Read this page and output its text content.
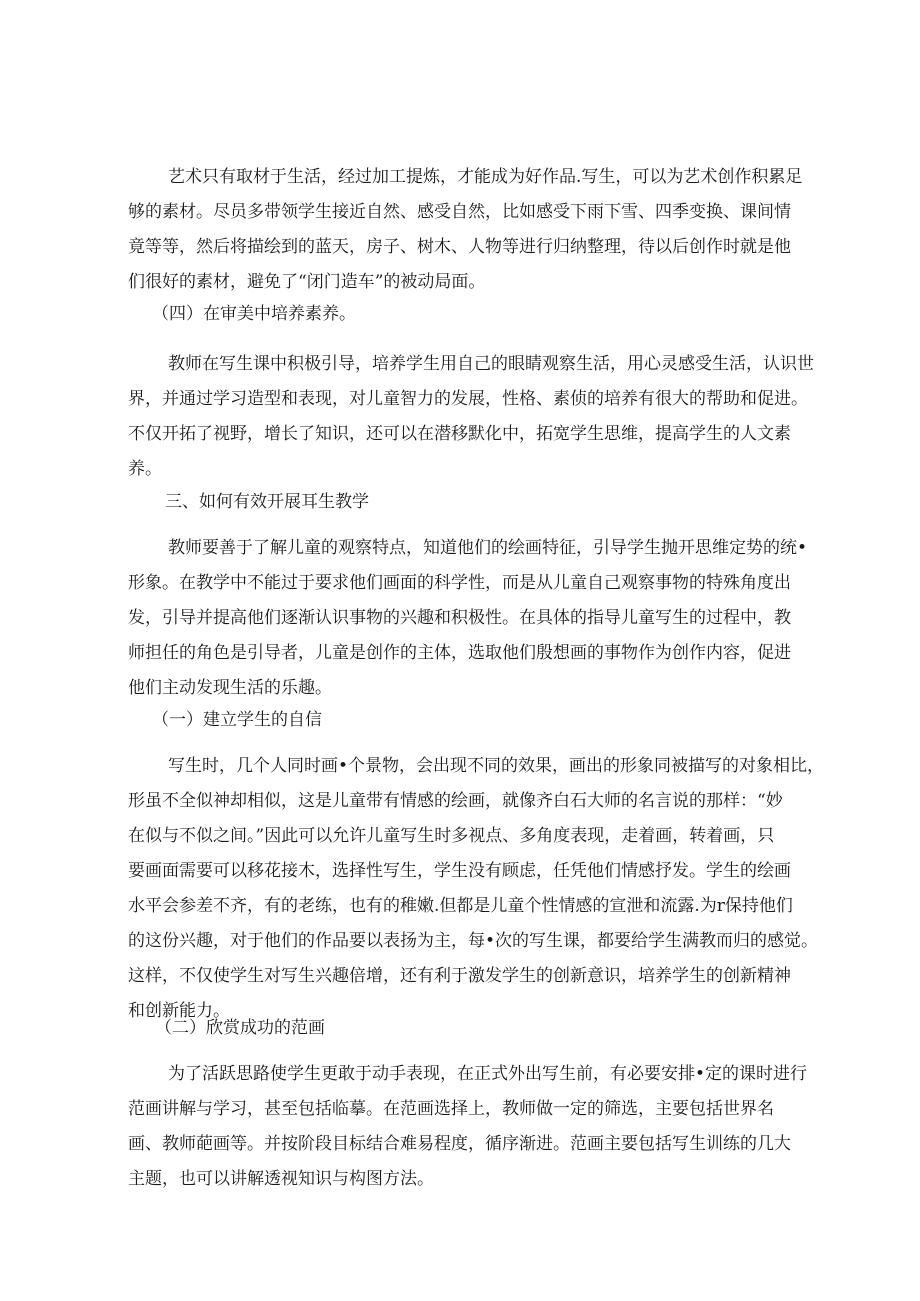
艺术只有取材于生活，经过加工提炼，才能成为好作品.写生，可以为艺术创作积累足
够的素材。尽员多带领学生接近自然、感受自然，比如感受下雨下雪、四季变换、课间情
竟等等，然后将描绘到的蓝天，房子、树木、人物等进行归纳整理，待以后创作时就是他
们很好的素材，避免了“闭门造车”的被动局面。
（四）在审美中培养素养。
教师在写生课中积极引导，培养学生用自己的眼睛观察生活，用心灵感受生活，认识世
界，并通过学习造型和表现，对儿童智力的发展，性格、素侦的培养有很大的帮助和促进。
不仅开拓了视野，增长了知识，还可以在潜移默化中，拓宽学生思维，提高学生的人文素
养。
三、如何有效开展耳生教学
教师要善于了解儿童的观察特点，知道他们的绘画特征，引导学生抛开思维定势的统•
形象。在教学中不能过于要求他们画面的科学性，而是从儿童自己观察事物的特殊角度出
发，引导并提高他们逐渐认识事物的兴趣和积极性。在具体的指导儿童写生的过程中，教
师担任的角色是引导者，儿童是创作的主体，选取他们殷想画的事物作为创作内容，促进
他们主动发现生活的乐趣。
（一）建立学生的自信
写生时，几个人同时画•个景物，会出现不同的效果，画出的形象同被描写的对象相比，
形虽不全似神却相似，这是儿童带有情感的绘画，就像齐白石大师的名言说的那样：“妙
在似与不似之间。”因此可以允许儿童写生时多视点、多角度表现，走着画，转着画，只
要画面需要可以移花接木，选择性写生，学生没有顾虑，任凭他们情感抒发。学生的绘画
水平会参差不齐，有的老练，也有的稚嫩.但都是儿童个性情感的宣泄和流露.为r保持他们
的这份兴趣，对于他们的作品要以表扬为主，每•次的写生课，都要给学生满教而归的感觉。
这样，不仅使学生对写生兴趣倍增，还有利于激发学生的创新意识，培养学生的创新精神
和创新能力。
（二）欣赏成功的范画
为了活跃思路使学生更敢于动手表现，在正式外出写生前，有必要安排•定的课时进行
范画讲解与学习，甚至包括临摹。在范画选择上，教师做一定的筛选，主要包括世界名
画、教师葩画等。并按阶段目标结合难易程度，循序渐进。范画主要包括写生训练的几大
主题，也可以讲解透视知识与构图方法。
